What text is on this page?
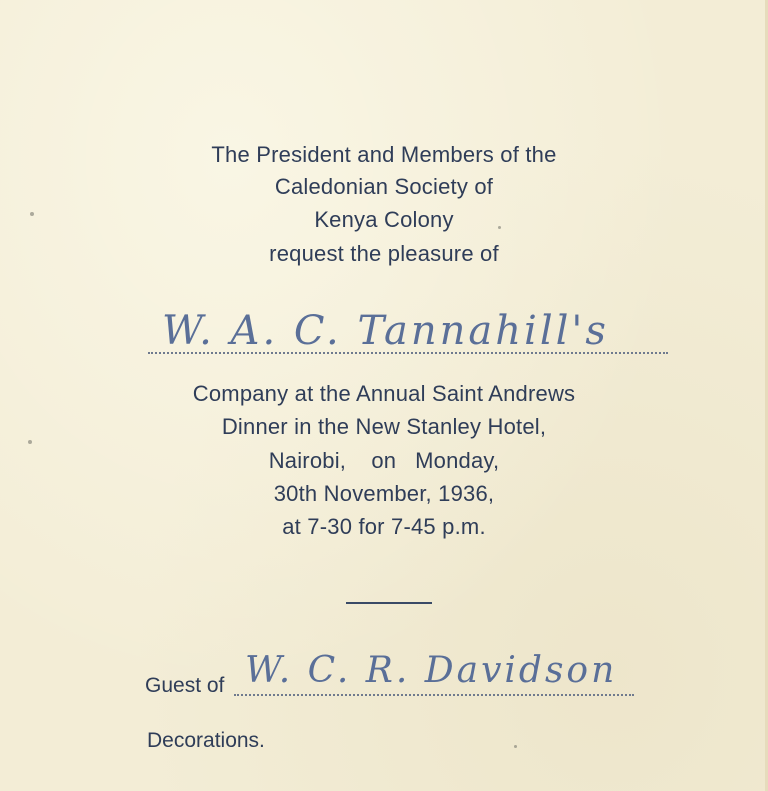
The President and Members of the
Caledonian Society of
Kenya Colony
request the pleasure of
W. A. C. Tannahill's
Company at the Annual Saint Andrews
Dinner in the New Stanley Hotel,
Nairobi,    on   Monday,
30th November, 1936,
at 7-30 for 7-45 p.m.
Guest of W. C. R. Davidson
Decorations.
